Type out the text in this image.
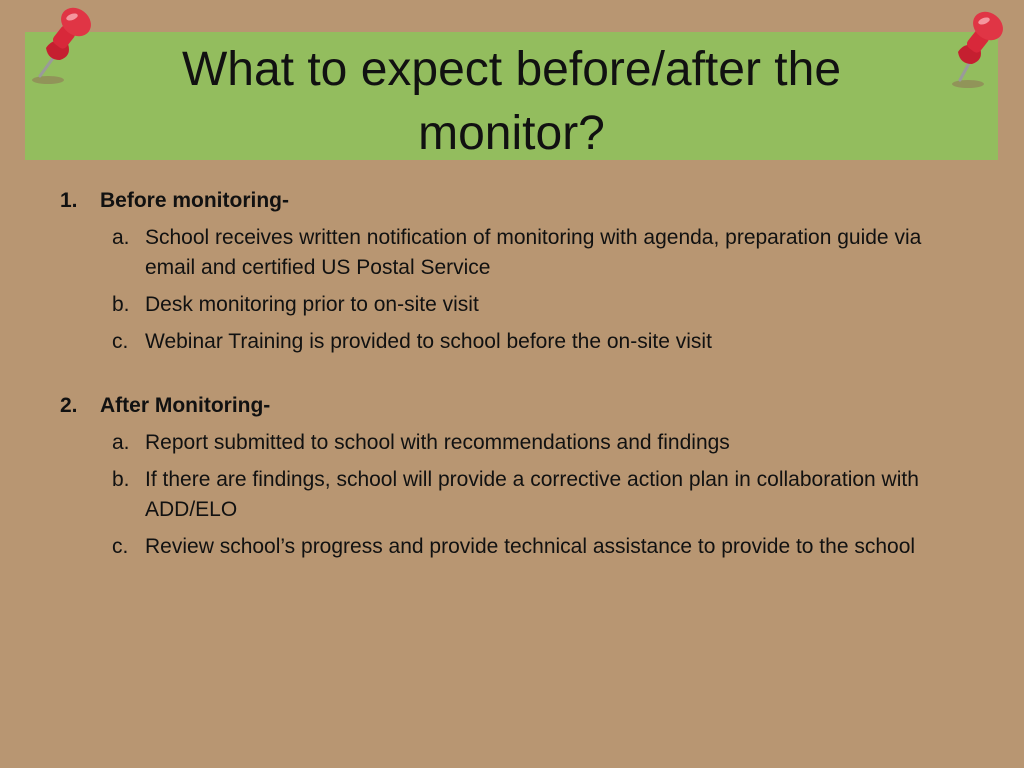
What to expect before/after the monitor?
1. Before monitoring-
a. School receives written notification of monitoring with agenda, preparation guide via email and certified US Postal Service
b. Desk monitoring prior to on-site visit
c. Webinar Training is provided to school before the on-site visit
2. After Monitoring-
a. Report submitted to school with recommendations and findings
b. If there are findings, school will provide a corrective action plan in collaboration with ADD/ELO
c. Review school’s progress and provide technical assistance to provide to the school
